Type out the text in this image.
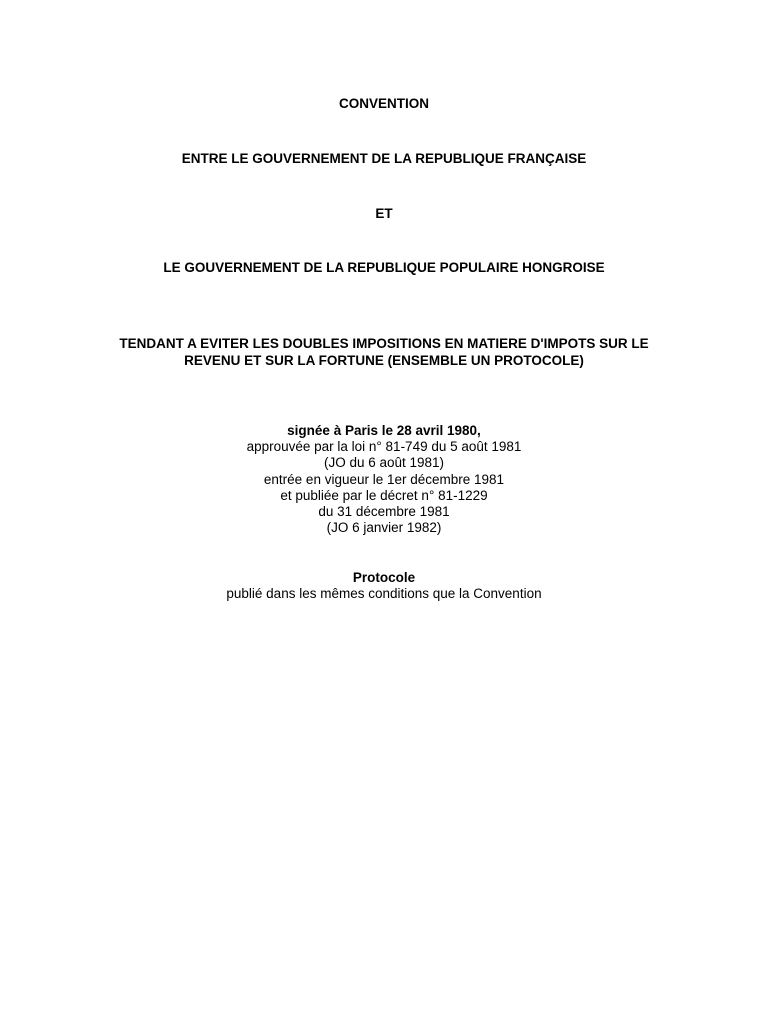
CONVENTION
ENTRE LE GOUVERNEMENT DE LA REPUBLIQUE FRANÇAISE
ET
LE GOUVERNEMENT DE LA REPUBLIQUE POPULAIRE HONGROISE
TENDANT A EVITER LES DOUBLES IMPOSITIONS EN MATIERE D'IMPOTS SUR LE
REVENU ET SUR LA FORTUNE (ENSEMBLE UN PROTOCOLE)
signée à Paris le 28 avril 1980,
approuvée par la loi n° 81-749 du 5 août 1981
(JO du 6 août 1981)
entrée en vigueur le 1er décembre 1981
et publiée par le décret n° 81-1229
du 31 décembre 1981
(JO 6 janvier 1982)
Protocole
publié dans les mêmes conditions que la Convention
